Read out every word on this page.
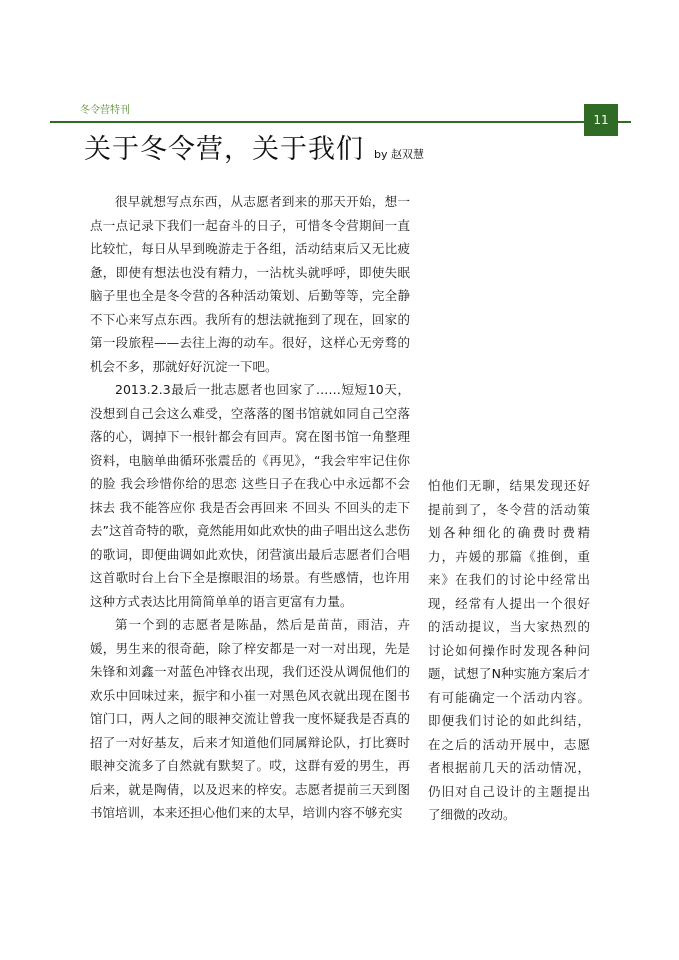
冬令营特刊
11
关于冬令营，关于我们 by 赵双慧

很早就想写点东西，从志愿者到来的那天开始，想一点一点记录下我们一起奋斗的日子，可惜冬令营期间一直比较忙，每日从早到晚游走于各组，活动结束后又无比疲惫，即使有想法也没有精力，一沾枕头就呼呼，即使失眠脑子里也全是冬令营的各种活动策划、后勤等等，完全静不下心来写点东西。我所有的想法就拖到了现在，回家的第一段旅程——去往上海的动车。很好，这样心无旁骛的机会不多，那就好好沉淀一下吧。

2013.2.3最后一批志愿者也回家了……短短10天，没想到自己会这么难受，空落落的图书馆就如同自己空落落的心，调掉下一根针都会有回声。窝在图书馆一角整理资料，电脑单曲循环张震岳的《再见》，“我会牢牢记住你的脸 我会珍惜你给的思恋 这些日子在我心中永远都不会抹去 我不能答应你 我是否会再回来 不回头 不回头的走下去”这首奇特的歌，竟然能用如此欢快的曲子唱出这么悲伤的歌词，即便曲调如此欢快，闭营演出最后志愿者们合唱这首歌时台上台下全是擦眼泪的场景。有些感情，也许用这种方式表达比用简简单单的语言更富有力量。

第一个到的志愿者是陈晶，然后是苗苗，雨洁，卉媛，男生来的很奇葩，除了梓安都是一对一对出现，先是朱锋和刘鑫一对蓝色冲锋衣出现，我们还没从调侃他们的欢乐中回味过来，振宇和小崔一对黑色风衣就出现在图书馆门口，两人之间的眼神交流让曾我一度怀疑我是否真的招了一对好基友，后来才知道他们同属辩论队，打比赛时眼神交流多了自然就有默契了。哎，这群有爱的男生，再后来，就是陶倩，以及迟来的梓安。志愿者提前三天到图书馆培训，本来还担心他们来的太早，培训内容不够充实

怕他们无聊，结果发现还好提前到了，冬令营的活动策划各种细化的确费时费精力，卉媛的那篇《推倒，重来》在我们的讨论中经常出现，经常有人提出一个很好的活动提议，当大家热烈的讨论如何操作时发现各种问题，试想了N种实施方案后才有可能确定一个活动内容。即便我们讨论的如此纠结，在之后的活动开展中，志愿者根据前几天的活动情况，仍旧对自己设计的主题提出了细微的改动。
